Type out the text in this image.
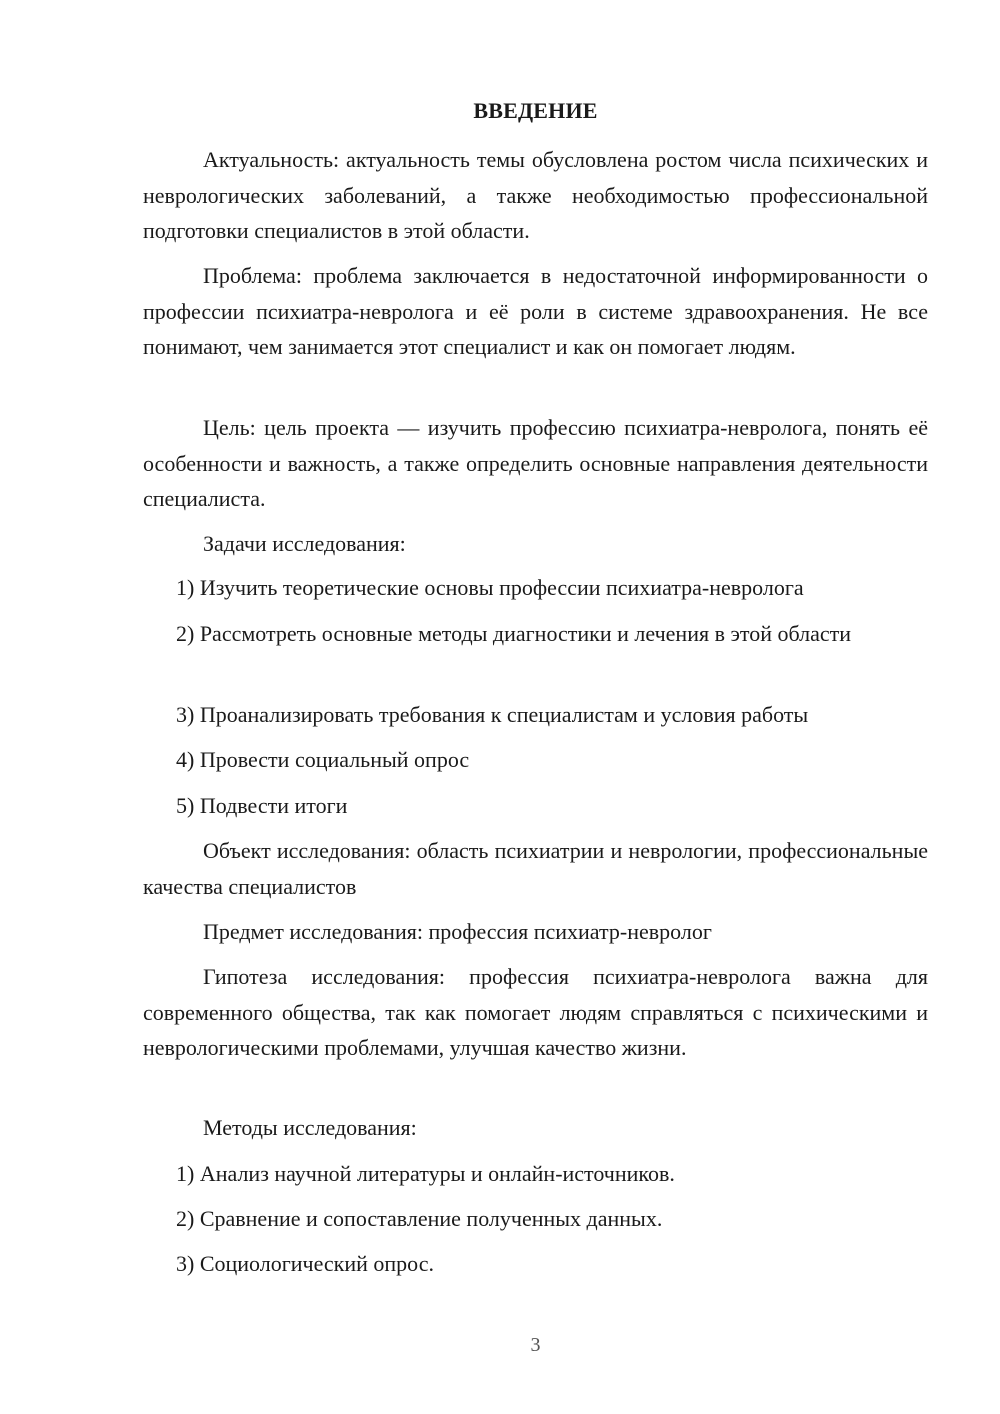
ВВЕДЕНИЕ

Актуальность: актуальность темы обусловлена ростом числа психических и неврологических заболеваний, а также необходимостью профессиональной подготовки специалистов в этой области.

Проблема: проблема заключается в недостаточной информированности о профессии психиатра-невролога и её роли в системе здравоохранения. Не все понимают, чем занимается этот специалист и как он помогает людям.

Цель: цель проекта — изучить профессию психиатра-невролога, понять её особенности и важность, а также определить основные направления деятельности специалиста.

Задачи исследования:

1) Изучить теоретические основы профессии психиатра-невролога

2) Рассмотреть основные методы диагностики и лечения в этой области

3) Проанализировать требования к специалистам и условия работы

4) Провести социальный опрос

5) Подвести итоги

Объект исследования: область психиатрии и неврологии, профессиональные качества специалистов

Предмет исследования: профессия психиатр-невролог

Гипотеза исследования: профессия психиатра-невролога важна для современного общества, так как помогает людям справляться с психическими и неврологическими проблемами, улучшая качество жизни.

Методы исследования:

1) Анализ научной литературы и онлайн-источников.

2) Сравнение и сопоставление полученных данных.

3) Социологический опрос.

3
